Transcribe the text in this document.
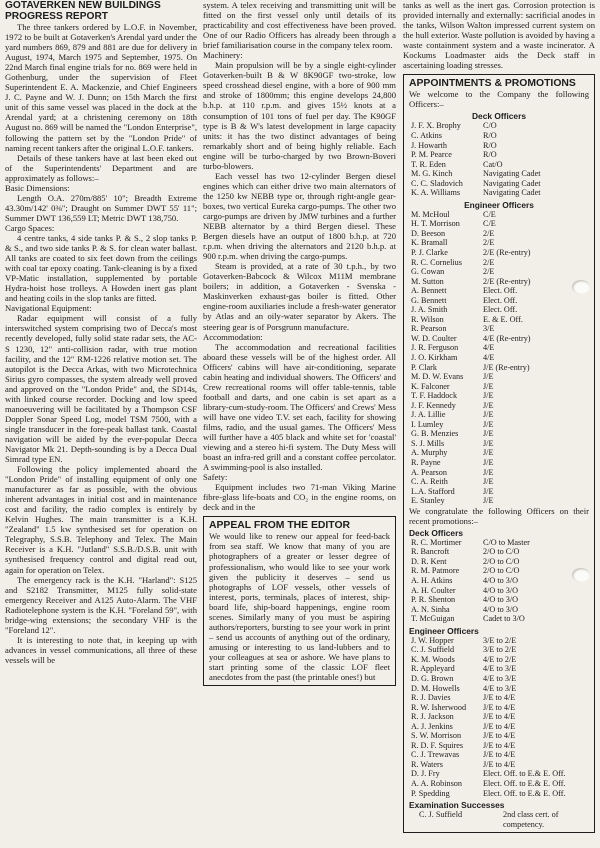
GOTAVERKEN NEW BUILDINGS PROGRESS REPORT

The three tankers ordered by L.O.F. in November, 1972 to be built at Gotaverken's Arendal yard under the yard numbers 869, 879 and 881 are due for delivery in August, 1974, March 1975 and September, 1975. On 22nd March final engine trials for no. 869 were held in Gothenburg, under the supervision of Fleet Superintendent E. A. Mackenzie, and Chief Engineers J. C. Payne and W. J. Dunn; on 15th March the first unit of this same vessel was placed in the dock at the Arendal yard; at a christening ceremony on 18th August no. 869 will be named the "London Enterprise", following the pattern set by the "London Pride" of naming recent tankers after the original L.O.F. tankers.

Details of these tankers have at last been eked out of the Superintendents' Department and are approximately as follows:–

Basic Dimensions:

Length O.A. 270m/885' 10"; Breadth Extreme 43.30m/142' 0⅜"; Draught on Summer DWT 55' 11"; Summer DWT 136,559 LT; Metric DWT 138,750.

Cargo Spaces:

4 centre tanks, 4 side tanks P. & S., 2 slop tanks P. & S., and two side tanks P. & S. for clean water ballast. All tanks are coated to six feet down from the ceilings with coal tar epoxy coating. Tank-cleaning is by a fixed VP-Matic installation, supplemented by portable Hydra-hoist hose trolleys. A Howden inert gas plant and heating coils in the slop tanks are fitted.

Navigational Equipment:

Radar equipment will consist of a fully interswitched system comprising two of Decca's most recently developed, fully solid state radar sets, the AC-S 1230, 12" anti-collision radar, with true motion facility, and the 12" RM-1226 relative motion set. The autopilot is the Decca Arkas, with two Microtechnica Sirius gyro compasses, the system already well proved and approved on the "London Pride" and, the SD14s, with linked course recorder. Docking and low speed manoeuvering will be facilitated by a Thompson CSF Doppler Sonar Speed Log, model TSM 7500, with a single transducer in the fore-peak ballast tank. Coastal navigation will be aided by the ever-popular Decca Navigator Mk 21. Depth-sounding is by a Decca Dual Simrad type EN.

Following the policy implemented aboard the "London Pride" of installing equipment of only one manufacturer as far as possible, with the obvious inherent advantages in initial cost and in maintenance cost and facility, the radio complex is entirely by Kelvin Hughes. The main transmitter is a K.H. "Zealand" 1.5 kw synthesised set for operation on Telegraphy, S.S.B. Telephony and Telex. The Main Receiver is a K.H. "Jutland" S.S.B./D.S.B. unit with synthesised frequency control and digital read out, again for operation on Telex.

The emergency rack is the K.H. "Harland": S125 and S2182 Transmitter, M125 fully solid-state emergency Receiver and A125 Auto-Alarm. The VHF Radiotelephone system is the K.H. "Foreland 59", with bridge-wing extensions; the secondary VHF is the "Foreland 12".

It is interesting to note that, in keeping up with advances in vessel communications, all three of these vessels will be

system. A telex receiving and transmitting unit will be fitted on the first vessel only until details of its practicability and cost effectiveness have been proved. One of our Radio Officers has already been through a brief familiarisation course in the company telex room.

Machinery:

Main propulsion will be by a single eight-cylinder Gotaverken-built B & W 8K90GF two-stroke, low speed crosshead diesel engine, with a bore of 900 mm and stroke of 1800mm; this engine develops 24,800 b.h.p. at 110 r.p.m. and gives 15½ knots at a consumption of 101 tons of fuel per day. The K90GF type is B & W's latest development in large capacity units: it has the two distinct advantages of being remarkably short and of being highly reliable. Each engine will be turbo-charged by two Brown-Boveri turbo-blowers.

Each vessel has two 12-cylinder Bergen diesel engines which can either drive two main alternators of the 1250 kw NEBB type or, through right-angle gear-boxes, two vertical Eureka cargo-pumps. The other two cargo-pumps are driven by JMW turbines and a further NEBB alternator by a third Bergen diesel. These Bergen diesels have an output of 1800 b.h.p. at 720 r.p.m. when driving the alternators and 2120 b.h.p. at 900 r.p.m. when driving the cargo-pumps.

Steam is provided, at a rate of 30 t.p.h., by two Gotaverken-Babcock & Wilcox M11M membrane boilers; in addition, a Gotaverken - Svenska - Maskinverken exhaust-gas boiler is fitted. Other engine-room auxiliaries include a fresh-water generator by Atlas and an oily-water separator by Akers. The steering gear is of Porsgrunn manufacture.

Accommodation:

The accommodation and recreational facilities aboard these vessels will be of the highest order. All Officers' cabins will have air-conditioning, separate cabin heating and individual showers. The Officers' and Crew recreational rooms will offer table-tennis, table football and darts, and one cabin is set apart as a library-cum-study-room. The Officers' and Crews' Mess will have one video T.V. set each, facility for showing films, radio, and the usual games. The Officers' Mess will further have a 405 black and white set for 'coastal' viewing and a stereo hi-fi system. The Duty Mess will boast an infra-red grill and a constant coffee percolator. A swimming-pool is also installed.

Safety:

Equipment includes two 71-man Viking Marine fibre-glass life-boats and CO₂ in the engine rooms, on deck and in the

APPEAL FROM THE EDITOR

We would like to renew our appeal for feed-back from sea staff. We know that many of you are photographers of a greater or lesser degree of professionalism, who would like to see your work given the publicity it deserves – send us photographs of LOF vessels, other vessels of interest, ports, terminals, places of interest, ship-board life, ship-board happenings, engine room scenes. Similarly many of you must be aspiring authors/reporters, bursting to see your work in print – send us accounts of anything out of the ordinary, amusing or interesting to us land-lubbers and to your colleagues at sea or ashore. We have plans to start printing some of the classic LOF fleet anecdotes from the past (the printable ones!) but

tanks as well as the inert gas. Corrosion protection is provided internally and externally: sacrificial anodes in the tanks, Wilson Walton impressed current system on the hull exterior. Waste pollution is avoided by having a waste containment system and a waste incinerator. A Kockums Loadmaster aids the Deck staff in ascertaining loading stresses.

APPOINTMENTS & PROMOTIONS

We welcome to the Company the following Officers:–

Deck Officers

J. F. X. Brophy	C/O
C. Atkins	R/O
J. Howarth	R/O
P. M. Pearce	R/O
T. R. Eden	Cat/O
M. G. Kinch	Navigating Cadet
C. C. Sladovich	Navigating Cadet
K. A. Williams	Navigating Cadet

Engineer Officers

M. McHoul	C/E
H. T. Morrison	C/E
D. Beeson	2/E
K. Bramall	2/E
P. J. Clarke	2/E (Re-entry)
R. C. Cornelius	2/E
G. Cowan	2/E
M. Sutton	2/E (Re-entry)
A. Bennett	Elect. Off.
G. Bennett	Elect. Off.
J. A. Smith	Elect. Off.
R. Wilson	E. & E. Off.
R. Pearson	3/E
W. D. Coulter	4/E (Re-entry)
J. R. Ferguson	4/E
J. O. Kirkham	4/E
P. Clark	J/E (Re-entry)
M. D. W. Evans	J/E
K. Falconer	J/E
T. F. Haddock	J/E
J. F. Kennedy	J/E
J. A. Lillie	J/E
I. Lumley	J/E
G. B. Menzies	J/E
S. J. Mills	J/E
A. Murphy	J/E
R. Payne	J/E
A. Pearson	J/E
C. A. Reith	J/E
L.A. Stafford	J/E
E. Stanley	J/E

We congratulate the following Officers on their recent promotions:–

Deck Officers

R. C. Mortimer	C/O to Master
R. Bancroft	2/O to C/O
D. R. Kent	2/O to C/O
R. M. Patmore	2/O to C/O
A. H. Atkins	4/O to 3/O
A. H. Coulter	4/O to 3/O
P. R. Shenton	4/O to 3/O
A. N. Sinha	4/O to 3/O
T. McGuigan	Cadet to 3/O

Engineer Officers

J. W. Hopper	3/E to 2/E
C. J. Suffield	3/E to 2/E
K. M. Woods	4/E to 2/E
R. Appleyard	4/E to 3/E
D. G. Brown	4/E to 3/E
D. M. Howells	4/E to 3/E
R. J. Davies	J/E to 4/E
R. W. Isherwood	J/E to 4/E
R. J. Jackson	J/E to 4/E
A. J. Jenkins	J/E to 4/E
S. W. Morrison	J/E to 4/E
R. D. F. Squires	J/E to 4/E
C. J. Trewavas	J/E to 4/E
R. Waters	J/E to 4/E
D. J. Fry	Elect. Off. to E.& E. Off.
A. A. Robinson	Elect. Off. to E.& E. Off.
P. Spedding	Elect. Off. to E.& E. Off.

Examination Successes

C. J. Suffield	2nd class cert. of competency.
